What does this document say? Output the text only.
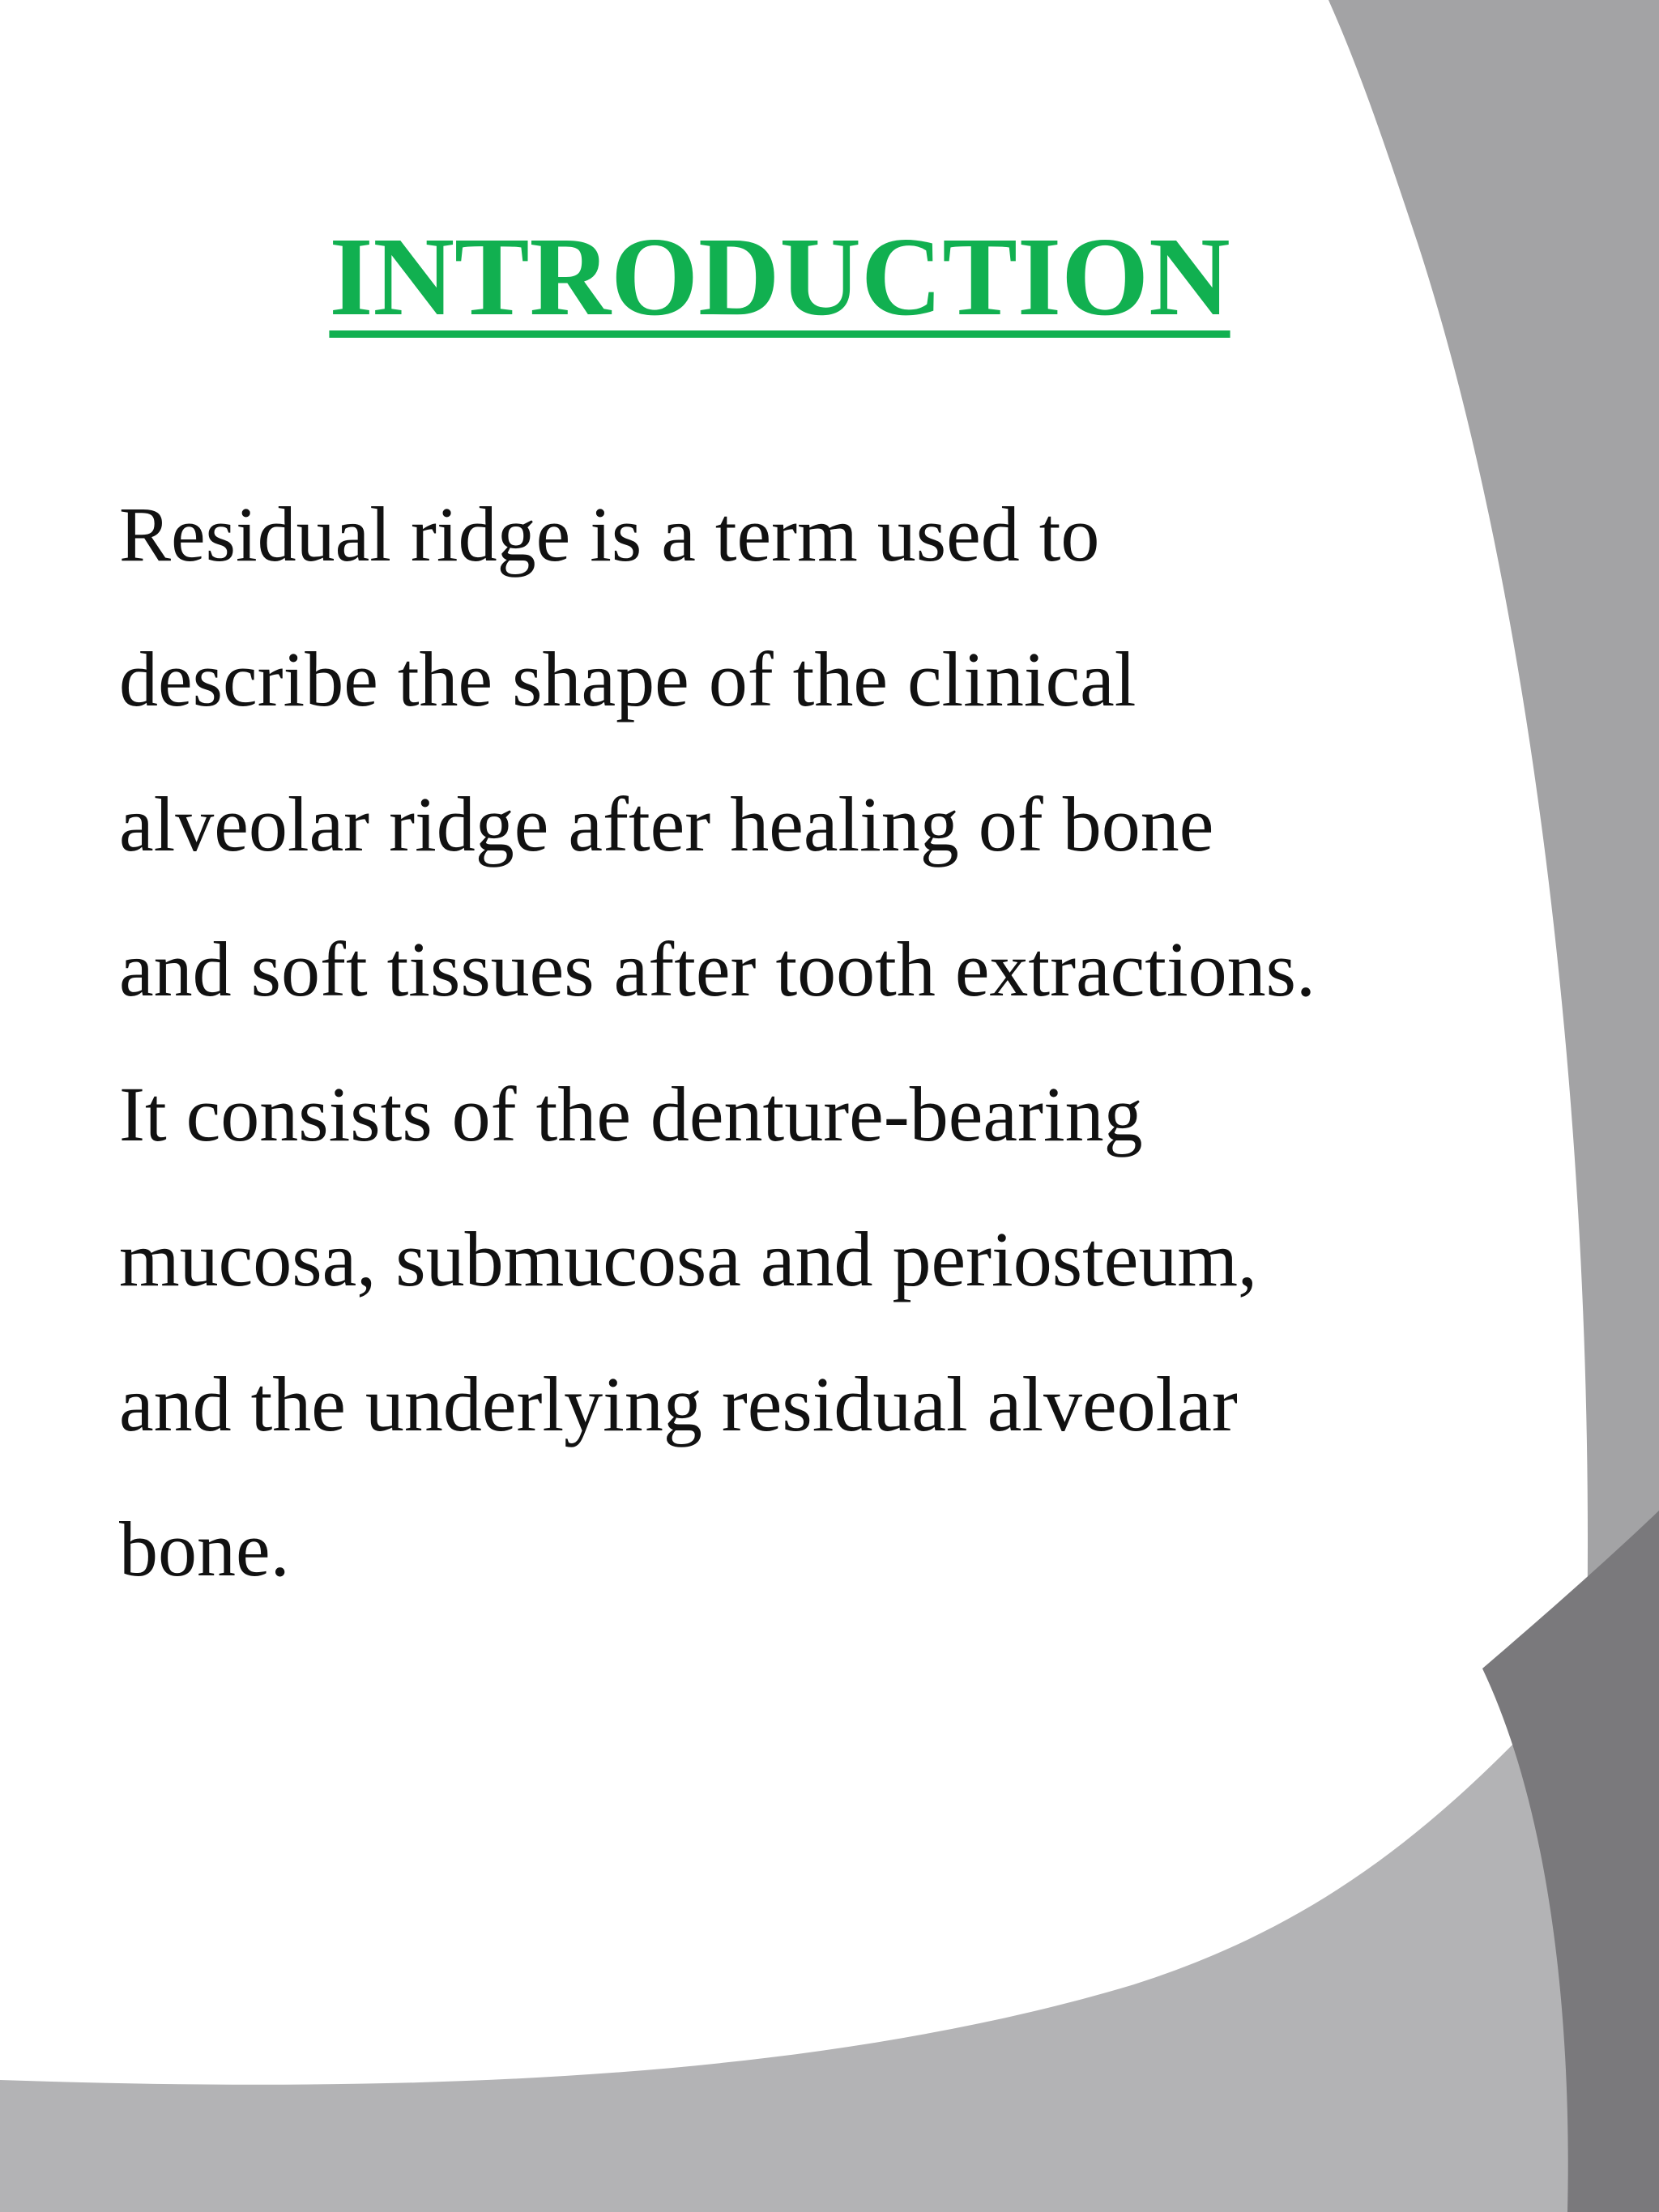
INTRODUCTION
Residual ridge is a term used to
describe the shape of the clinical
alveolar ridge after healing of bone
and soft tissues after tooth extractions.
It consists of the denture-bearing
mucosa, submucosa and periosteum,
and the underlying residual alveolar
bone.
